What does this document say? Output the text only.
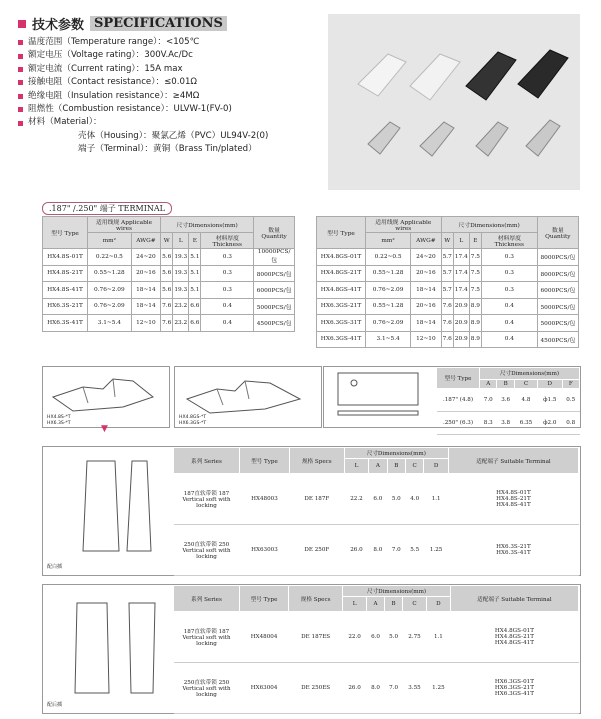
技术参数 SPECIFICATIONS
温度范围（Temperature range）：<105℃
额定电压（Voltage rating）：300V.Ac/Dc
额定电流（Current rating）：15A max
接触电阻（Contact resistance）：≤0.01Ω
绝缘电阻（Insulation resistance）：≥4MΩ
阻燃性（Combustion resistance）：ULVW-1(FV-0)
材料（Material）：
壳体（Housing）：聚氯乙烯（PVC）UL94V-2(0)
端子（Terminal）：黄铜（Brass Tin/plated）
.187" /.250" 端子 TERMINAL
型号 Type	适用线规 Applicable wires		尺寸Dimensions(mm)				数量 Quantity
	mm²	AWG#	W	L	E	材料厚度 Thickness	
HX4.8S-01T	0.22~0.5	24~20	5.6	19.3	5.1	0.3	10000PCS/包
HX4.8S-21T	0.55~1.28	20~16	5.6	19.3	5.1	0.3	8000PCS/包
HX4.8S-41T	0.76~2.09	18~14	5.6	19.3	5.1	0.3	6000PCS/包
HX6.3S-21T	0.76~2.09	18~14	7.6	23.2	6.6	0.4	5000PCS/包
HX6.3S-41T	3.1~5.4	12~10	7.6	23.2	6.6	0.4	4500PCS/包
型号 Type	适用线规 Applicable wires		尺寸Dimensions(mm)				数量 Quantity
	mm²	AWG#	W	L	E	材料厚度 Thickness	
HX4.8GS-01T	0.22~0.5	24~20	5.7	17.4	7.5	0.3	8000PCS/包
HX4.8GS-21T	0.55~1.28	20~16	5.7	17.4	7.5	0.3	8000PCS/包
HX4.8GS-41T	0.76~2.09	18~14	5.7	17.4	7.5	0.3	6000PCS/包
HX6.3GS-21T	0.55~1.28	20~16	7.6	20.9	8.9	0.4	5000PCS/包
HX6.3GS-31T	0.76~2.09	18~14	7.6	20.9	8.9	0.4	5000PCS/包
HX6.3GS-41T	3.1~5.4	12~10	7.6	20.9	8.9	0.4	4500PCS/包
HX4.8S-*T
HX6.3S-*T
HX4.8GS-*T
HX6.3GS-*T
型号 Type	尺寸Dimensions(mm)				
	A	B	C	D	F
.187" (4.8)	7.0	3.6	4.8	ф1.5	0.5
.250" (6.3)	8.3	3.8	6.35	ф2.0	0.8
▼
配白插
系列 Series	型号 Type	规格 Specs	尺寸Dimensions(mm)					适配端子 Suitable Terminal
			L	A	B	C	D	
187直软带锁 187 Vertical soft with locking	HX48003	DE 187F	22.2	6.0	5.0	4.0	1.1	HX4.8S-01T
HX4.8S-21T
HX4.8S-41T

250直软带锁 250 Vertical soft with locking	HX63003	DE 250F	26.0	8.0	7.0	5.5	1.25	HX6.3S-21T
HX6.3S-41T
配后插
系列 Series	型号 Type	规格 Specs	尺寸Dimensions(mm)					适配端子 Suitable Terminal
			L	A	B	C	D	
187直软带锁 187 Vertical soft with locking	HX48004	DE 187ES	22.0	6.0	5.0	2.75	1.1	HX4.8GS-01T
HX4.8GS-21T
HX4.8GS-41T

250直软带锁 250 Vertical soft with locking	HX63004	DE 250ES	26.0	8.0	7.0	3.55	1.25	HX6.3GS-01T
HX6.3GS-21T
HX6.3GS-41T
